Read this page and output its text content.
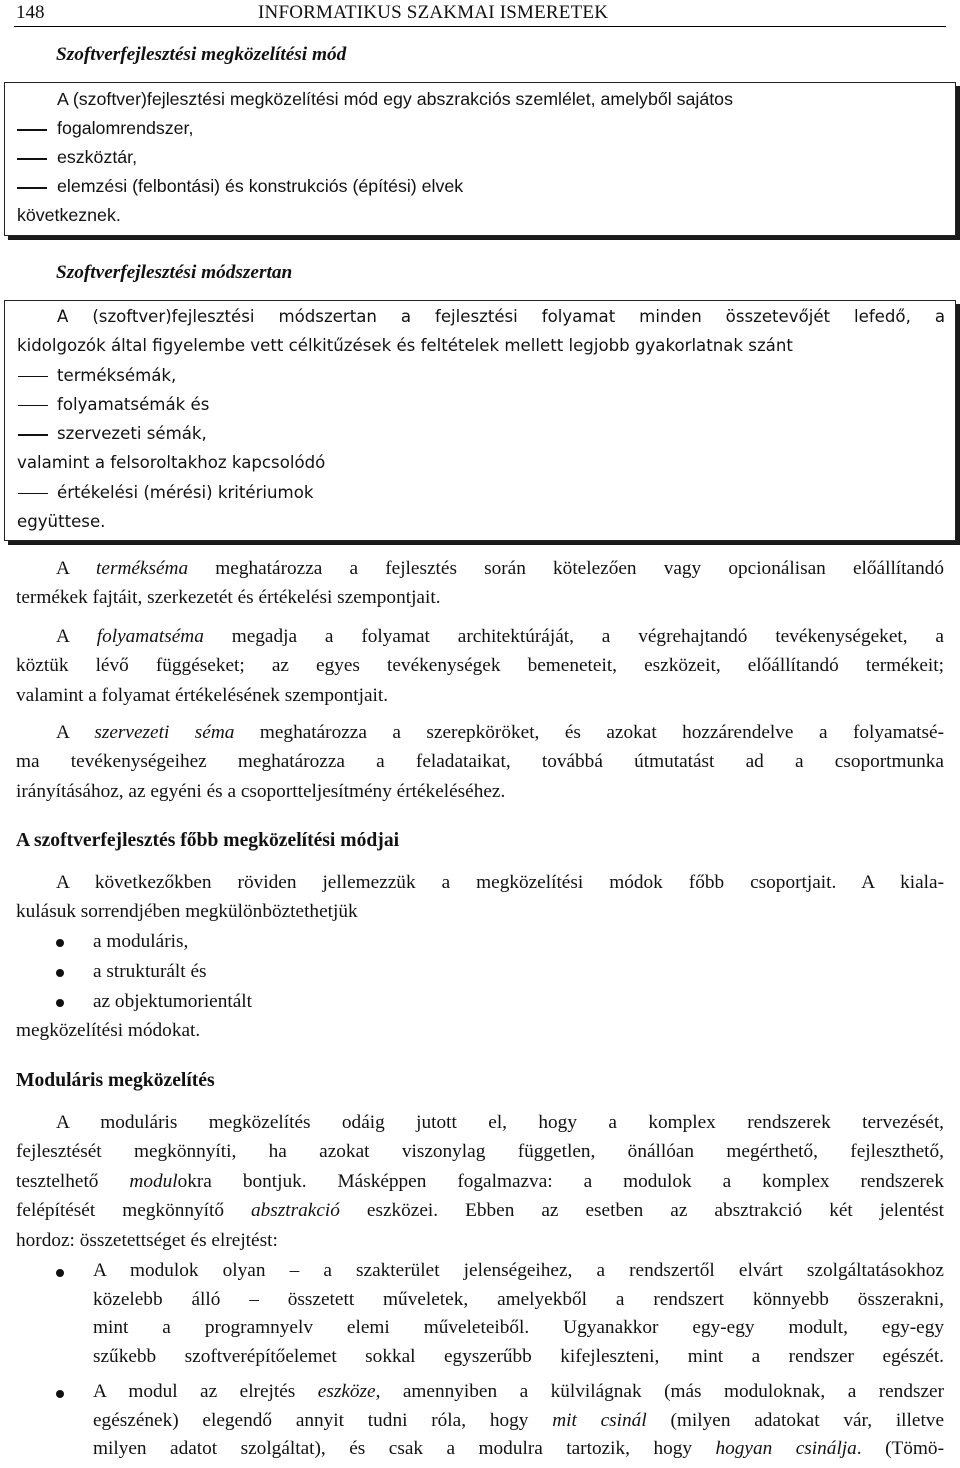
148	INFORMATIKUS SZAKMAI ISMERETEK
Szoftverfejlesztési megközelítési mód

A (szoftver)fejlesztési megközelítési mód egy abszrakciós szemlélet, amelyből sajátos

fogalomrendszer,

eszköztár,

elemzési (felbontási) és konstrukciós (építési) elvek

következnek.

Szoftverfejlesztési módszertan

A (szoftver)fejlesztési módszertan a fejlesztési folyamat minden összetevőjét lefedő, a

kidolgozók által figyelembe vett célkitűzések és feltételek mellett legjobb gyakorlatnak szánt

terméksémák,

folyamatsémák és

szervezeti sémák,

valamint a felsoroltakhoz kapcsolódó

értékelési (mérési) kritériumok

együttese.

A termékséma meghatározza a fejlesztés során kötelezően vagy opcionálisan előállítandó
termékek fajtáit, szerkezetét és értékelési szempontjait.
A folyamatséma megadja a folyamat architektúráját, a végrehajtandó tevékenységeket, a
köztük lévő függéseket; az egyes tevékenységek bemeneteit, eszközeit, előállítandó termékeit;
valamint a folyamat értékelésének szempontjait.
A szervezeti séma meghatározza a szerepköröket, és azokat hozzárendelve a folyamatsé-
ma tevékenységeihez meghatározza a feladataikat, továbbá útmutatást ad a csoportmunka
irányításához, az egyéni és a csoportteljesítmény értékeléséhez.
A szoftverfejlesztés főbb megközelítési módjai
A következőkben röviden jellemezzük a megközelítési módok főbb csoportjait. A kiala-
kulásuk sorrendjében megkülönböztethetjük
a moduláris,
a strukturált és
az objektumorientált
megközelítési módokat.
Moduláris megközelítés
A moduláris megközelítés odáig jutott el, hogy a komplex rendszerek tervezését,
fejlesztését megkönnyíti, ha azokat viszonylag független, önállóan megérthető, fejleszthető,
tesztelhető modulokra bontjuk. Másképpen fogalmazva: a modulok a komplex rendszerek
felépítését megkönnyítő absztrakció eszközei. Ebben az esetben az absztrakció két jelentést
hordoz: összetettséget és elrejtést:
A modulok olyan – a szakterület jelenségeihez, a rendszertől elvárt szolgáltatásokhoz
közelebb álló – összetett műveletek, amelyekből a rendszert könnyebb összerakni,
mint a programnyelv elemi műveleteiből. Ugyanakkor egy-egy modult, egy-egy
szűkebb szoftverépítőelemet sokkal egyszerűbb kifejleszteni, mint a rendszer egészét.
A modul az elrejtés eszköze, amennyiben a külvilágnak (más moduloknak, a rendszer
egészének) elegendő annyit tudni róla, hogy mit csinál (milyen adatokat vár, illetve
milyen adatot szolgáltat), és csak a modulra tartozik, hogy hogyan csinálja. (Tömö-
